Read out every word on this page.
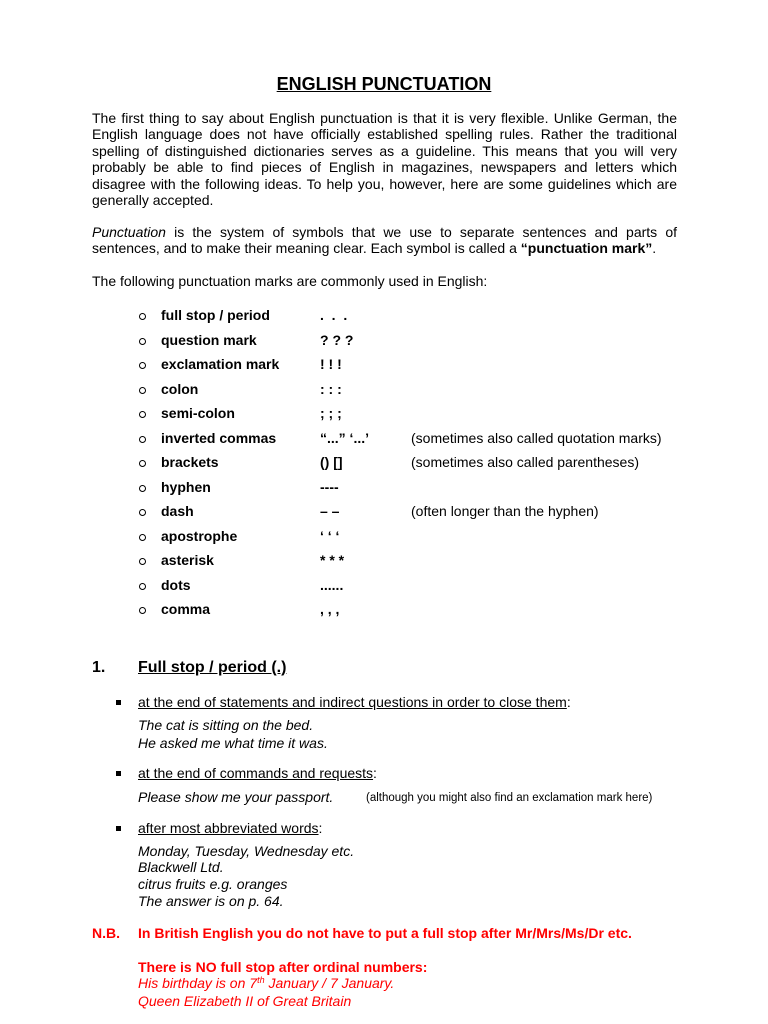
ENGLISH PUNCTUATION

The first thing to say about English punctuation is that it is very flexible. Unlike German, the English language does not have officially established spelling rules. Rather the traditional spelling of distinguished dictionaries serves as a guideline. This means that you will very probably be able to find pieces of English in magazines, newspapers and letters which disagree with the following ideas. To help you, however, here are some guidelines which are generally accepted.

Punctuation is the system of symbols that we use to separate sentences and parts of sentences, and to make their meaning clear. Each symbol is called a “punctuation mark”.

The following punctuation marks are commonly used in English:

full stop / period	.  .  .
question mark	? ? ?
exclamation mark	! ! !
colon	: : :
semi-colon	; ; ;
inverted commas	“...” ‘...’	(sometimes also called quotation marks)
brackets	() []	(sometimes also called parentheses)
hyphen	----
dash	– –	(often longer than the hyphen)
apostrophe	‘ ‘ ‘
asterisk	* * *
dots	......
comma	, , ,
1. Full stop / period (.)
at the end of statements and indirect questions in order to close them:
The cat is sitting on the bed.
He asked me what time it was.
at the end of commands and requests:
Please show me your passport.	(although you might also find an exclamation mark here)
after most abbreviated words:
Monday, Tuesday, Wednesday etc.
Blackwell Ltd.
citrus fruits e.g. oranges
The answer is on p. 64.
N.B. In British English you do not have to put a full stop after Mr/Mrs/Ms/Dr etc.
There is NO full stop after ordinal numbers:
His birthday is on 7th January / 7 January.
Queen Elizabeth II of Great Britain
